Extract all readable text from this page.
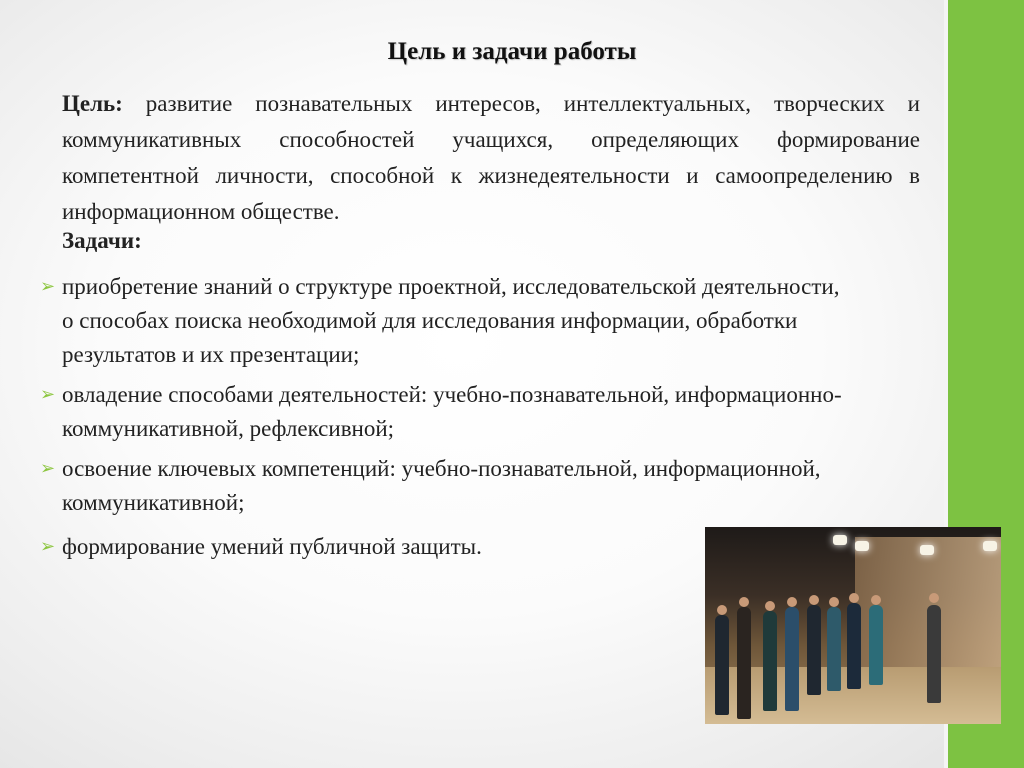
Цель и задачи работы
Цель: развитие познавательных интересов, интеллектуальных, творческих и коммуникативных способностей учащихся, определяющих формирование компетентной личности, способной к жизнедеятельности и самоопределению в информационном обществе.
Задачи:
➢ приобретение знаний о структуре проектной, исследовательской деятельности, о способах поиска необходимой для исследования информации, обработки результатов и их презентации;
➢ овладение способами деятельностей: учебно-познавательной, информационно-коммуникативной, рефлексивной;
➢ освоение ключевых компетенций: учебно-познавательной, информационной, коммуникативной;
➢ формирование умений публичной защиты.
